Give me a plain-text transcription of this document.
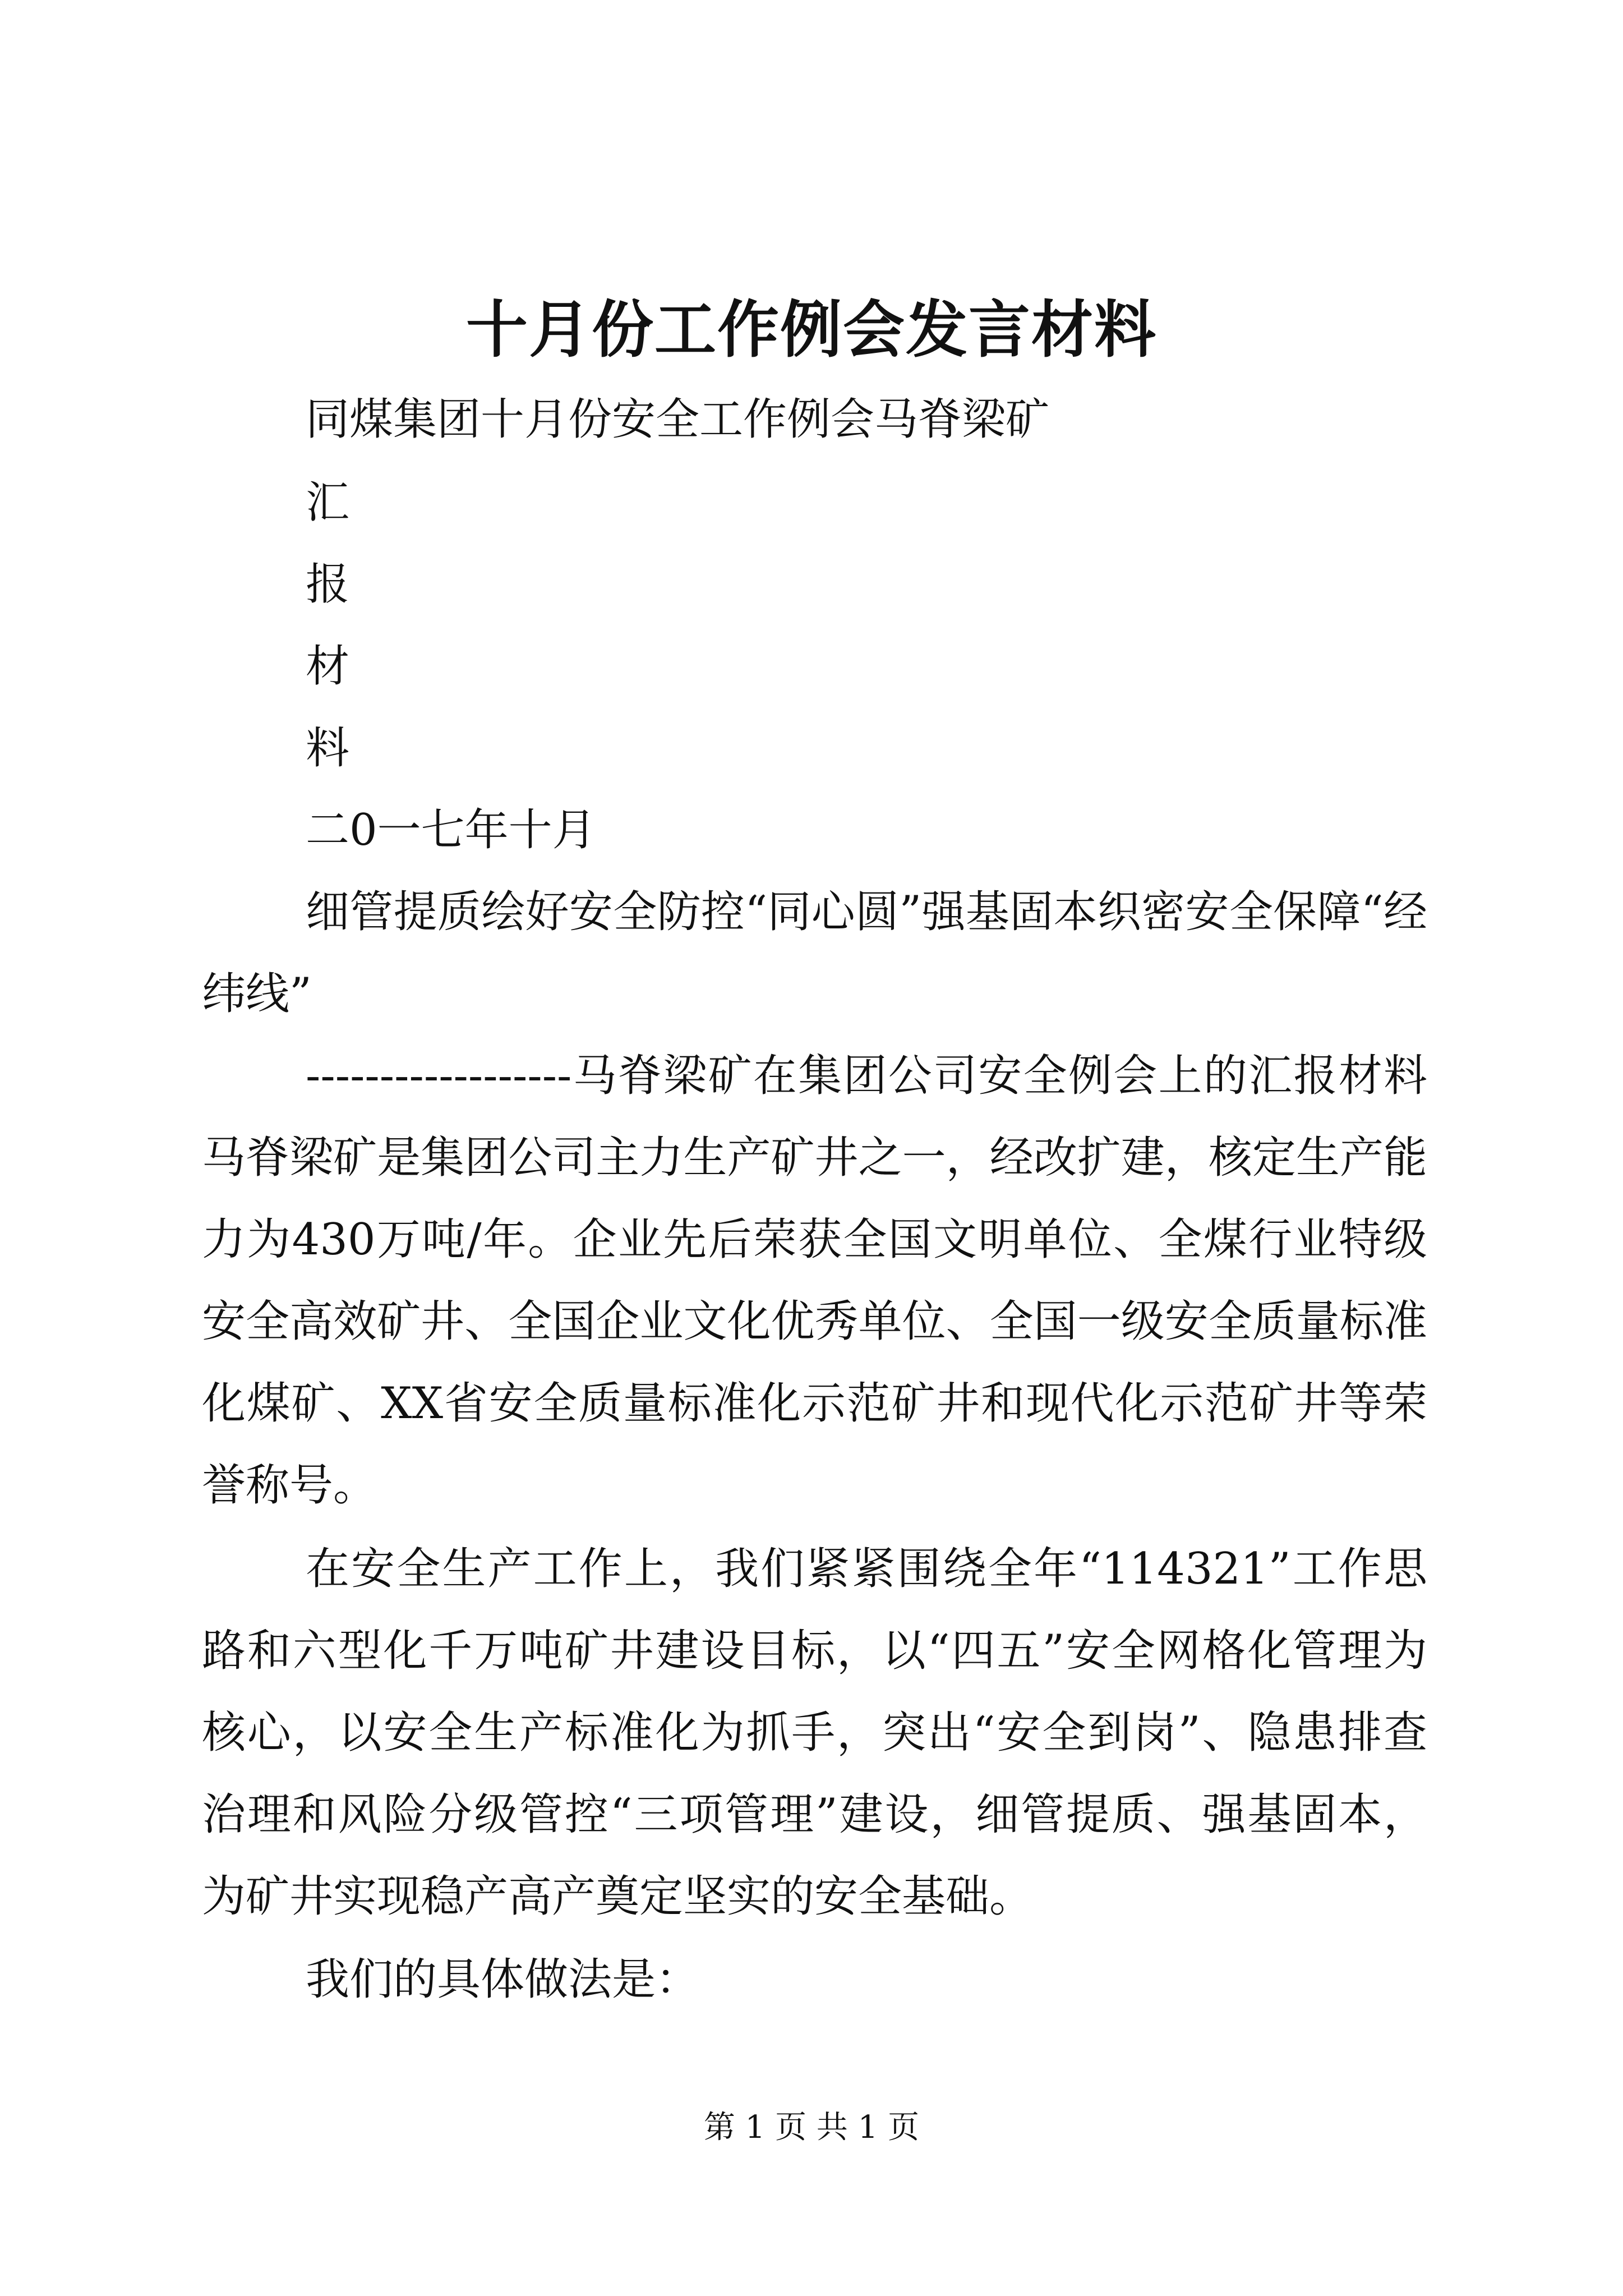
十月份工作例会发言材料
同煤集团十月份安全工作例会马脊梁矿
汇
报
材
料
二0一七年十月
细管提质绘好安全防控“同心圆”强基固本织密安全保障“经纬线”
------------------马脊梁矿在集团公司安全例会上的汇报材料马脊梁矿是集团公司主力生产矿井之一，经改扩建，核定生产能力为430万吨/年。企业先后荣获全国文明单位、全煤行业特级安全高效矿井、全国企业文化优秀单位、全国一级安全质量标准化煤矿、XX省安全质量标准化示范矿井和现代化示范矿井等荣誉称号。
在安全生产工作上，我们紧紧围绕全年“114321”工作思路和六型化千万吨矿井建设目标，以“四五”安全网格化管理为核心，以安全生产标准化为抓手，突出“安全到岗”、隐患排查治理和风险分级管控“三项管理”建设，细管提质、强基固本，为矿井实现稳产高产奠定坚实的安全基础。
我们的具体做法是：
第 1 页 共 1 页
